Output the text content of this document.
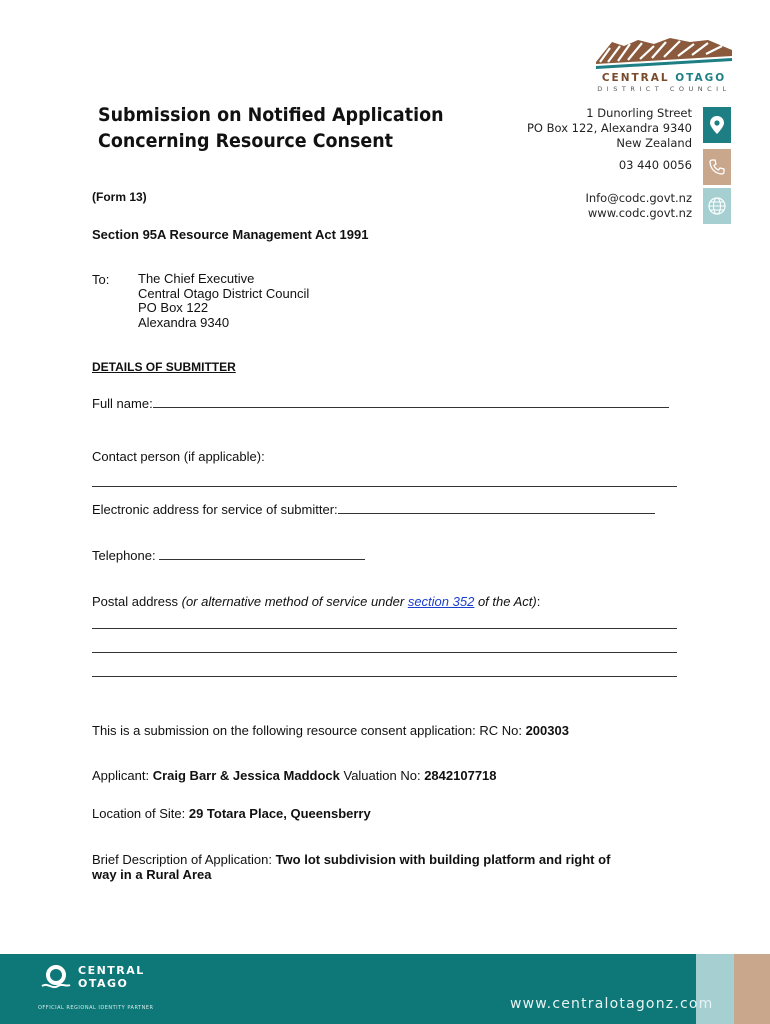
CENTRAL OTAGO
DISTRICT COUNCIL
1 Dunorling Street
PO Box 122, Alexandra 9340
New Zealand
03 440 0056
Info@codc.govt.nz
www.codc.govt.nz
Submission on Notified Application
Concerning Resource Consent
(Form 13)
Section 95A Resource Management Act 1991
To: The Chief Executive
Central Otago District Council
PO Box 122
Alexandra 9340
DETAILS OF SUBMITTER
Full name:
Contact person (if applicable):
Electronic address for service of submitter:
Telephone:
Postal address (or alternative method of service under section 352 of the Act):
This is a submission on the following resource consent application: RC No: 200303
Applicant: Craig Barr & Jessica Maddock Valuation No: 2842107718
Location of Site: 29 Totara Place, Queensberry
Brief Description of Application: Two lot subdivision with building platform and right of
way in a Rural Area
CENTRAL
OTAGO
OFFICIAL REGIONAL IDENTITY PARTNER	www.centralotagonz.com
